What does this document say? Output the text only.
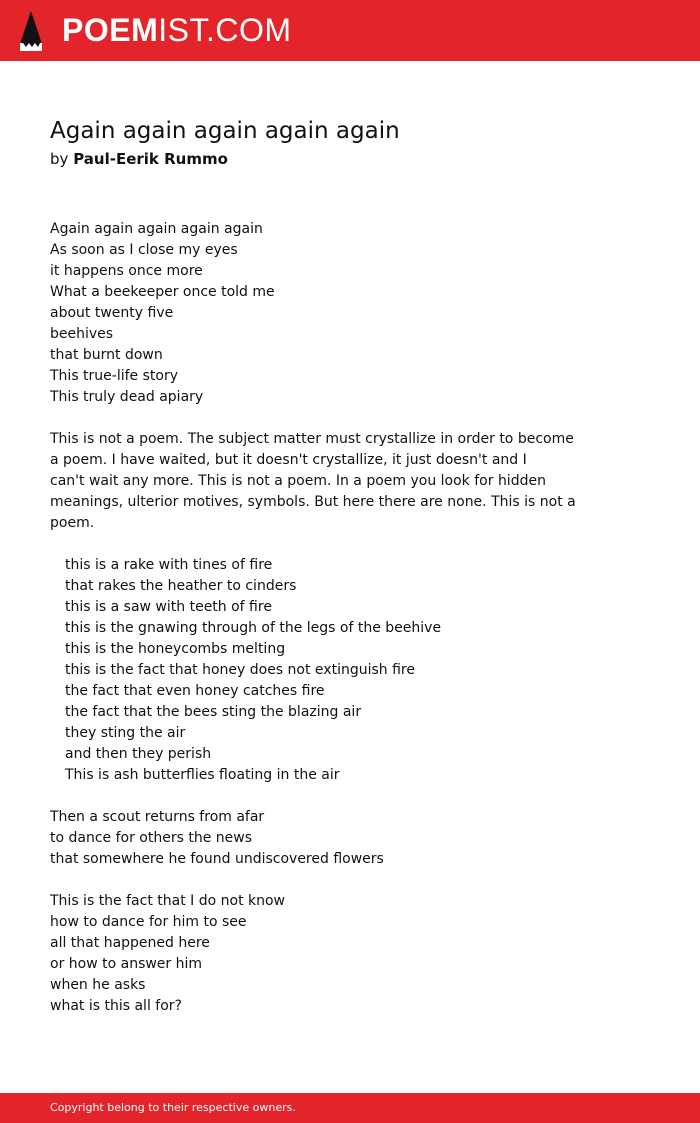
POEMIST.COM
Again again again again again
by Paul-Eerik Rummo
Again again again again again
As soon as I close my eyes
it happens once more
What a beekeeper once told me
about twenty five
beehives
that burnt down
This true-life story
This truly dead apiary
This is not a poem. The subject matter must crystallize in order to become
a poem. I have waited, but it doesn't crystallize, it just doesn't and I
can't wait any more. This is not a poem. In a poem you look for hidden
meanings, ulterior motives, symbols. But here there are none. This is not a
poem.
this is a rake with tines of fire
that rakes the heather to cinders
this is a saw with teeth of fire
this is the gnawing through of the legs of the beehive
this is the honeycombs melting
this is the fact that honey does not extinguish fire
the fact that even honey catches fire
the fact that the bees sting the blazing air
they sting the air
and then they perish
This is ash butterflies floating in the air
Then a scout returns from afar
to dance for others the news
that somewhere he found undiscovered flowers
This is the fact that I do not know
how to dance for him to see
all that happened here
or how to answer him
when he asks
what is this all for?
Copyright belong to their respective owners.
